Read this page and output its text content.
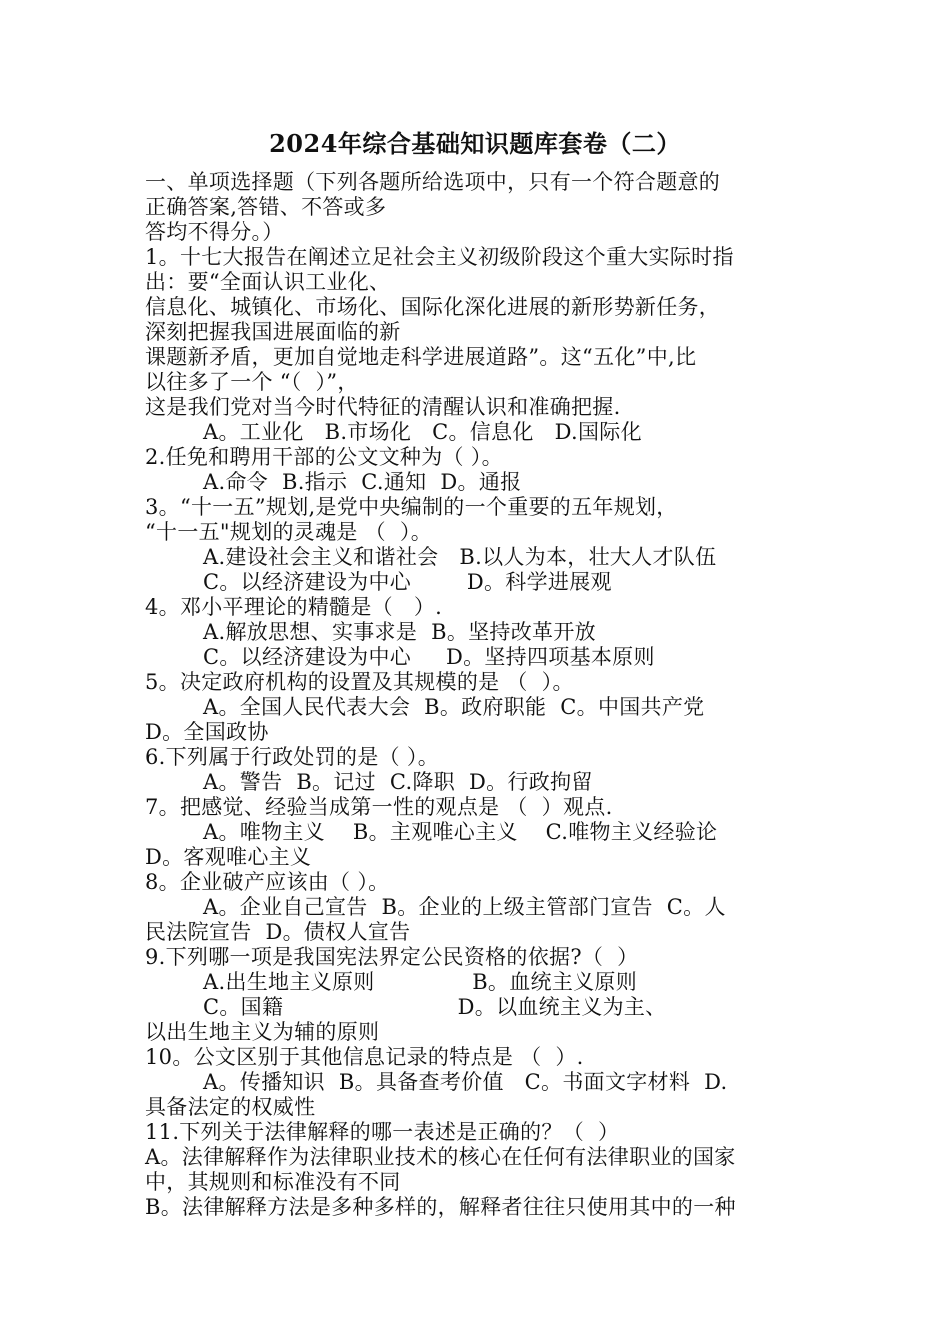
2024年综合基础知识题库套卷（二）
一、单项选择题（下列各题所给选项中，只有一个符合题意的
正确答案,答错、不答或多
答均不得分。）
1。十七大报告在阐述立足社会主义初级阶段这个重大实际时指
出：要“全面认识工业化、
信息化、城镇化、市场化、国际化深化进展的新形势新任务，
深刻把握我国进展面临的新
课题新矛盾，更加自觉地走科学进展道路”。这“五化”中,比
以往多了一个 “（  ）”，
这是我们党对当今时代特征的清醒认识和准确把握.
A。工业化   B.市场化   C。信息化   D.国际化
2.任免和聘用干部的公文文种为（ ）。
A.命令  B.指示  C.通知  D。通报
3。“十一五”规划,是党中央编制的一个重要的五年规划，
“十一五"规划的灵魂是 （  ）。
A.建设社会主义和谐社会   B.以人为本，壮大人才队伍
C。以经济建设为中心        D。科学进展观
4。邓小平理论的精髓是（   ）.
A.解放思想、实事求是  B。坚持改革开放
C。以经济建设为中心     D。坚持四项基本原则
5。决定政府机构的设置及其规模的是 （  ）。
A。全国人民代表大会  B。政府职能  C。中国共产党
D。全国政协
6.下列属于行政处罚的是（ ）。
A。警告  B。记过  C.降职  D。行政拘留
7。把感觉、经验当成第一性的观点是 （  ）观点.
A。唯物主义    B。主观唯心主义    C.唯物主义经验论
D。客观唯心主义
8。企业破产应该由（ ）。
A。企业自己宣告  B。企业的上级主管部门宣告  C。人
民法院宣告  D。债权人宣告
9.下列哪一项是我国宪法界定公民资格的依据?（  ）
A.出生地主义原则              B。血统主义原则
C。国籍                         D。以血统主义为主、
以出生地主义为辅的原则
10。公文区别于其他信息记录的特点是 （  ）.
A。传播知识  B。具备查考价值   C。书面文字材料  D.
具备法定的权威性
11.下列关于法律解释的哪一表述是正确的？（  ）
A。法律解释作为法律职业技术的核心在任何有法律职业的国家
中，其规则和标准没有不同
B。法律解释方法是多种多样的，解释者往往只使用其中的一种
